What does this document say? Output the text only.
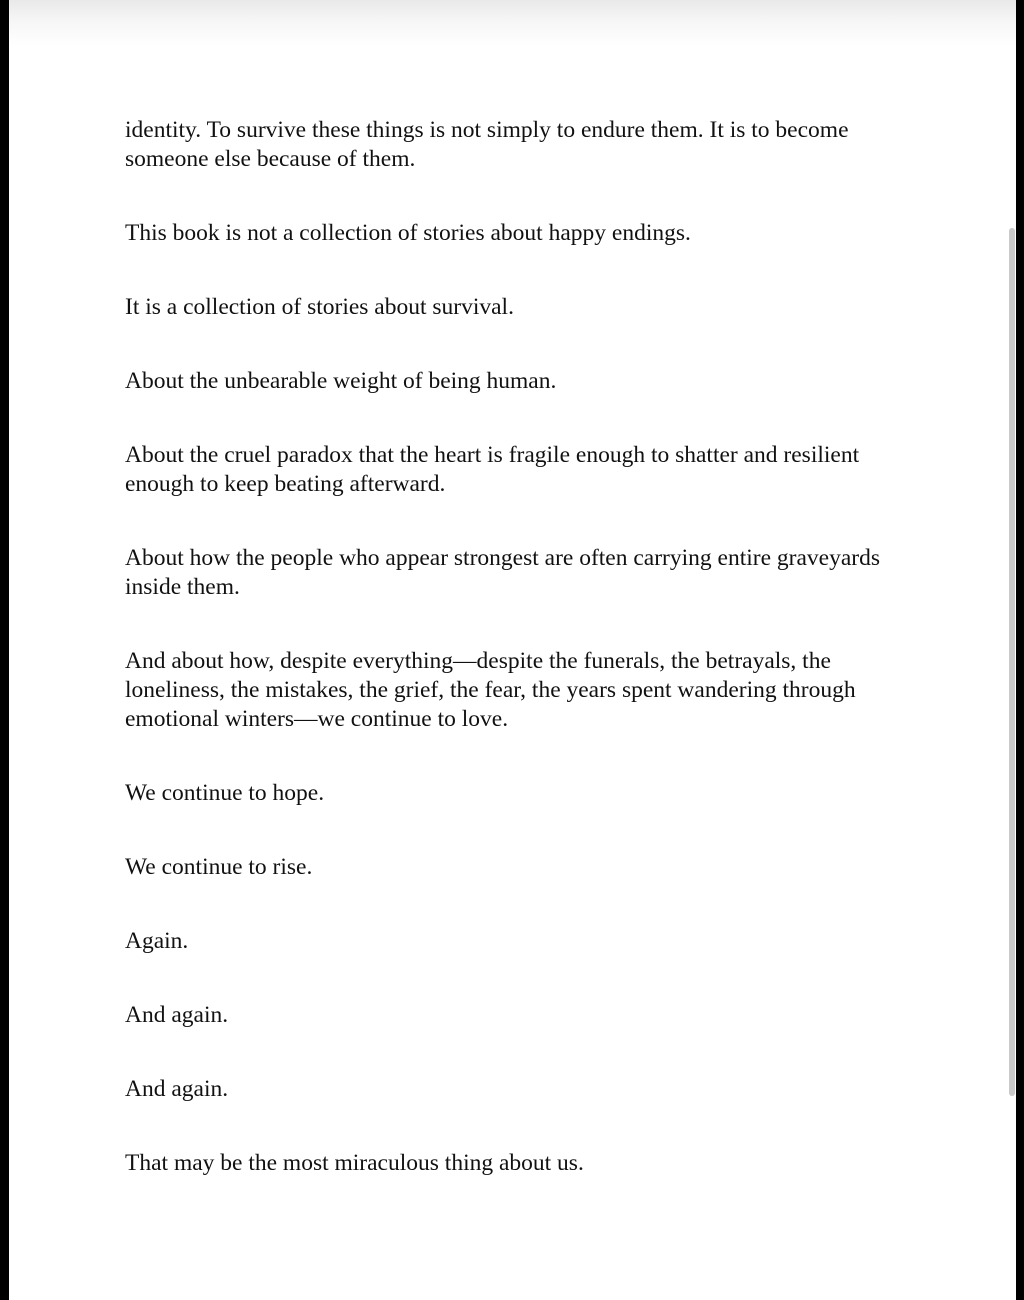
identity. To survive these things is not simply to endure them. It is to become someone else because of them.

This book is not a collection of stories about happy endings.

It is a collection of stories about survival.

About the unbearable weight of being human.

About the cruel paradox that the heart is fragile enough to shatter and resilient enough to keep beating afterward.

About how the people who appear strongest are often carrying entire graveyards inside them.

And about how, despite everything—despite the funerals, the betrayals, the loneliness, the mistakes, the grief, the fear, the years spent wandering through emotional winters—we continue to love.

We continue to hope.

We continue to rise.

Again.

And again.

And again.

That may be the most miraculous thing about us.
